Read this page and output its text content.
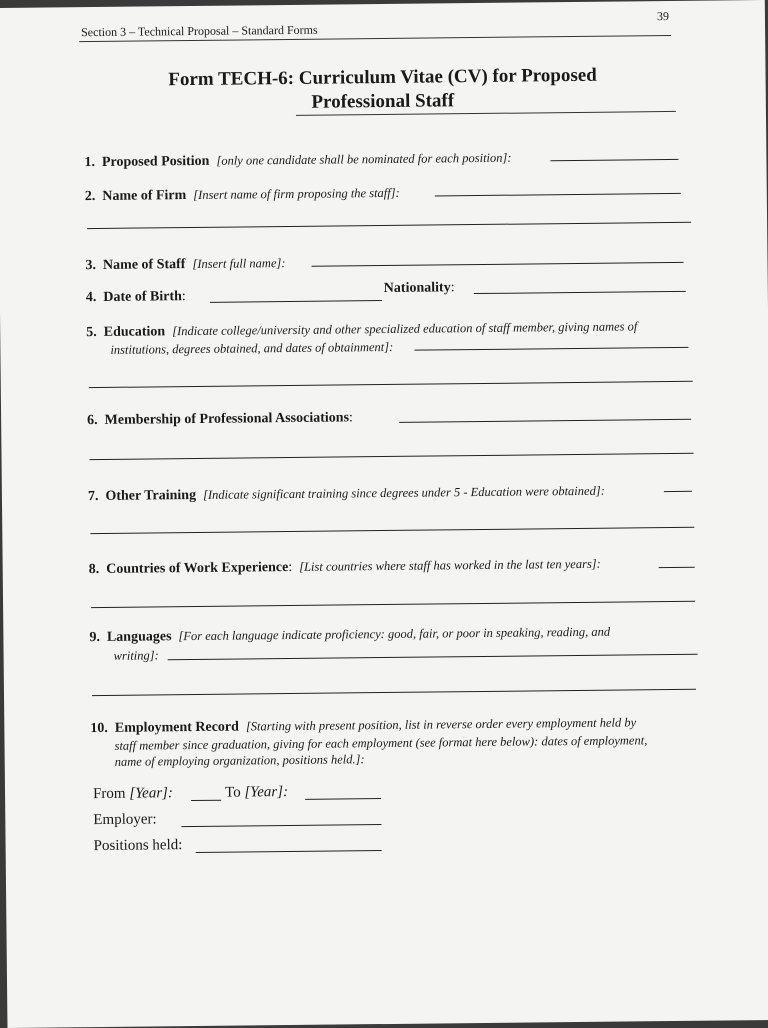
39
Section 3 – Technical Proposal – Standard Forms
Form TECH-6: Curriculum Vitae (CV) for Proposed
Professional Staff
1. Proposed Position [only one candidate shall be nominated for each position]:
2. Name of Firm [Insert name of firm proposing the staff]:
3. Name of Staff [Insert full name]:
4. Date of Birth:
Nationality:
5. Education [Indicate college/university and other specialized education of staff member, giving names of
institutions, degrees obtained, and dates of obtainment]:
6. Membership of Professional Associations:
7. Other Training [Indicate significant training since degrees under 5 - Education were obtained]:
8. Countries of Work Experience: [List countries where staff has worked in the last ten years]:
9. Languages [For each language indicate proficiency: good, fair, or poor in speaking, reading, and
writing]:
10. Employment Record [Starting with present position, list in reverse order every employment held by
staff member since graduation, giving for each employment (see format here below): dates of employment,
name of employing organization, positions held.]:
From [Year]:	To [Year]:
Employer:
Positions held:
